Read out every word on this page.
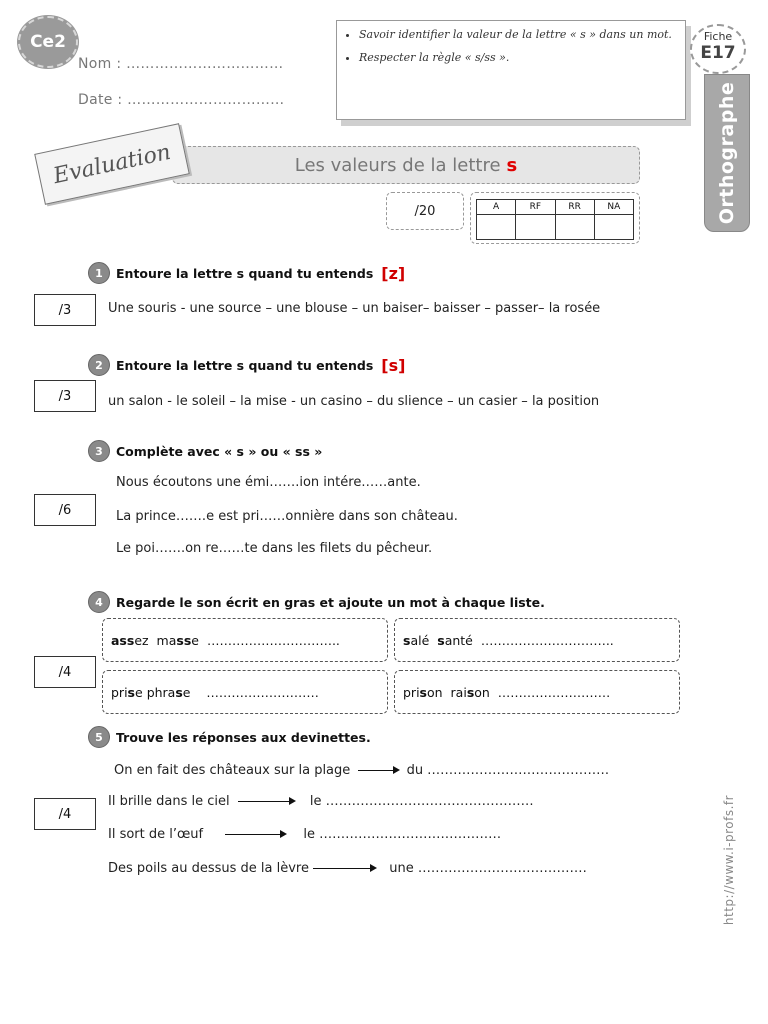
Ce2
Nom : ……………………………
Date : ……………………………
• Savoir identifier la valeur de la lettre « s » dans un mot.
• Respecter la règle « s/ss ».
Fiche
E17
Orthographe
Les valeurs de la lettre s
Evaluation
/20	A	RF	RR	NA

1	Entoure la lettre s quand tu entends [z]
/3	Une souris - une source – une blouse – un baiser– baisser – passer– la rosée
2	Entoure la lettre s quand tu entends [s]
/3	un salon - le soleil – la mise - un casino – du slience – un casier – la position
3	Complète avec « s » ou « ss »
/6
Nous écoutons une émi…….ion intére……ante.
La prince…….e est pri……onnière dans son château.
Le poi…….on re……te dans les filets du pêcheur.
4	Regarde le son écrit en gras et ajoute un mot à chaque liste.
/4
assez
masse
…………………………..	salé
santé
…………………………..
prise
phrase
………………………	prison
raison
………………………
5	Trouve les réponses aux devinettes.
/4
On en fait des châteaux sur la plage	du ……………………………………
Il brille dans le ciel	le …………………………………………
Il sort de l’œuf	le ……………………………………
Des poils au dessus de la lèvre	une …………………………………	http://www.i-profs.fr
